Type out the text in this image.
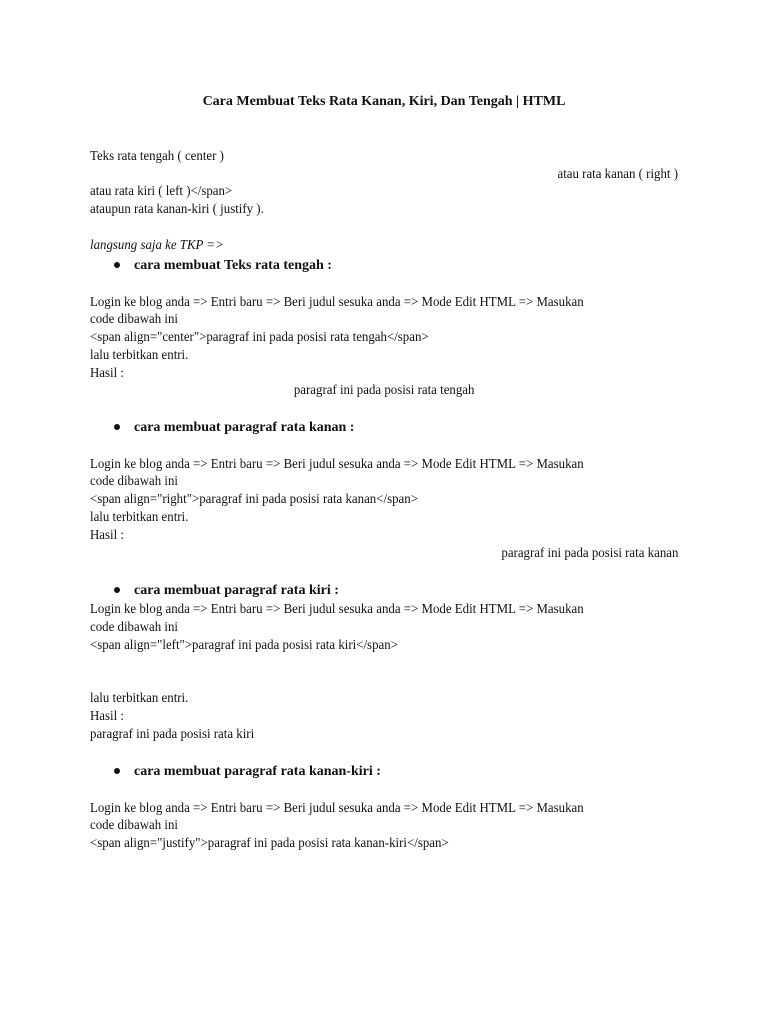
Cara Membuat Teks Rata Kanan, Kiri, Dan Tengah | HTML
Teks rata tengah ( center )
atau rata kanan ( right )
atau rata kiri ( left )</span>
ataupun rata kanan-kiri ( justify ).
langsung saja ke TKP =>
cara membuat Teks rata tengah :
Login ke blog anda => Entri baru => Beri judul sesuka anda => Mode Edit HTML => Masukan
code dibawah ini
<span align="center">paragraf ini pada posisi rata tengah</span>
lalu terbitkan entri.
Hasil :
paragraf ini pada posisi rata tengah
cara membuat paragraf rata kanan :
Login ke blog anda => Entri baru => Beri judul sesuka anda => Mode Edit HTML => Masukan
code dibawah ini
<span align="right">paragraf ini pada posisi rata kanan</span>
lalu terbitkan entri.
Hasil :
paragraf ini pada posisi rata kanan
cara membuat paragraf rata kiri :
Login ke blog anda => Entri baru => Beri judul sesuka anda => Mode Edit HTML => Masukan
code dibawah ini
<span align="left">paragraf ini pada posisi rata kiri</span>
lalu terbitkan entri.
Hasil :
paragraf ini pada posisi rata kiri
cara membuat paragraf rata kanan-kiri :
Login ke blog anda => Entri baru => Beri judul sesuka anda => Mode Edit HTML => Masukan
code dibawah ini
<span align="justify">paragraf ini pada posisi rata kanan-kiri</span>
